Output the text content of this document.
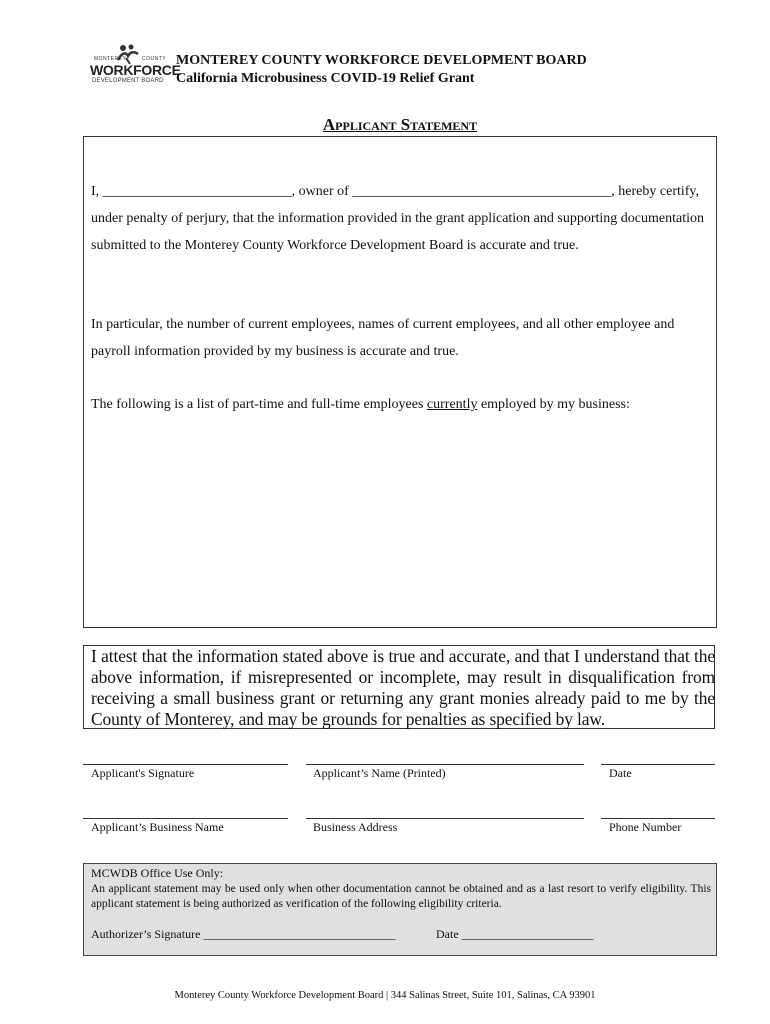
MONTEREY	COUNTY
WORKFORCE
DEVELOPMENT BOARD
MONTEREY COUNTY WORKFORCE DEVELOPMENT BOARD
California Microbusiness COVID-19 Relief Grant
Applicant Statement
I, ___________________________, owner of _____________________________________, hereby certify, under penalty of perjury, that the information provided in the grant application and supporting documentation submitted to the Monterey County Workforce Development Board is accurate and true.
In particular, the number of current employees, names of current employees, and all other employee and payroll information provided by my business is accurate and true.
The following is a list of part-time and full-time employees currently employed by my business:
I attest that the information stated above is true and accurate, and that I understand that the above information, if misrepresented or incomplete, may result in disqualification from receiving a small business grant or returning any grant monies already paid to me by the County of Monterey, and may be grounds for penalties as specified by law.
Applicant's Signature	Applicant’s Name (Printed)	Date
Applicant’s Business Name	Business Address	Phone Number
MCWDB Office Use Only:
An applicant statement may be used only when other documentation cannot be obtained and as a last resort to verify eligibility. This applicant statement is being authorized as verification of the following eligibility criteria.
Authorizer’s Signature ________________________________	Date ______________________
Monterey County Workforce Development Board | 344 Salinas Street, Suite 101, Salinas, CA 93901
